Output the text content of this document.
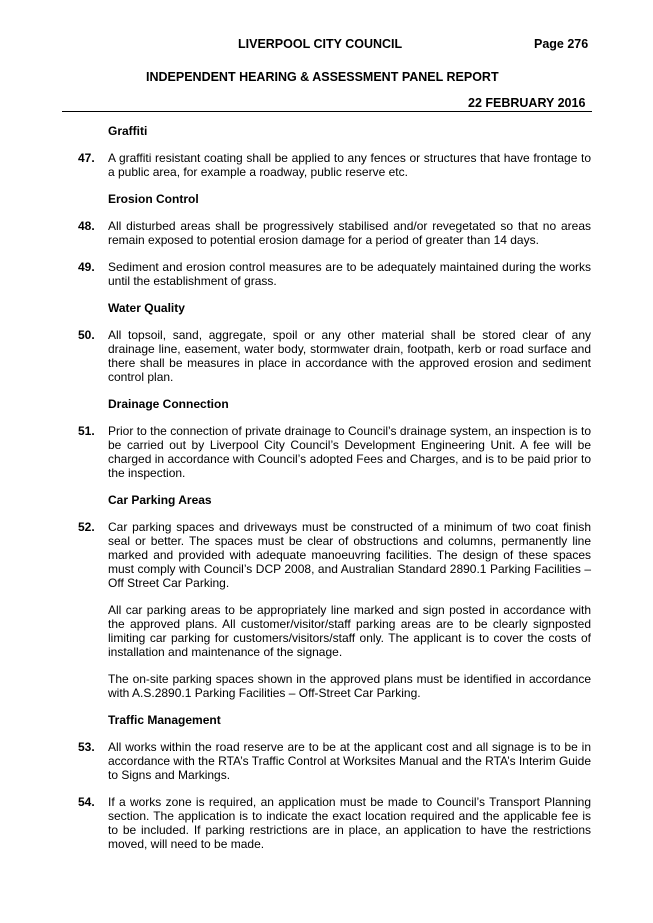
LIVERPOOL CITY COUNCIL	Page 276
INDEPENDENT HEARING & ASSESSMENT PANEL REPORT
22 FEBRUARY 2016
Graffiti
47. A graffiti resistant coating shall be applied to any fences or structures that have frontage to a public area, for example a roadway, public reserve etc.
Erosion Control
48. All disturbed areas shall be progressively stabilised and/or revegetated so that no areas remain exposed to potential erosion damage for a period of greater than 14 days.
49. Sediment and erosion control measures are to be adequately maintained during the works until the establishment of grass.
Water Quality
50. All topsoil, sand, aggregate, spoil or any other material shall be stored clear of any drainage line, easement, water body, stormwater drain, footpath, kerb or road surface and there shall be measures in place in accordance with the approved erosion and sediment control plan.
Drainage Connection
51. Prior to the connection of private drainage to Council’s drainage system, an inspection is to be carried out by Liverpool City Council’s Development Engineering Unit. A fee will be charged in accordance with Council’s adopted Fees and Charges, and is to be paid prior to the inspection.
Car Parking Areas
52. Car parking spaces and driveways must be constructed of a minimum of two coat finish seal or better. The spaces must be clear of obstructions and columns, permanently line marked and provided with adequate manoeuvring facilities. The design of these spaces must comply with Council’s DCP 2008, and Australian Standard 2890.1 Parking Facilities – Off Street Car Parking.
All car parking areas to be appropriately line marked and sign posted in accordance with the approved plans. All customer/visitor/staff parking areas are to be clearly signposted limiting car parking for customers/visitors/staff only. The applicant is to cover the costs of installation and maintenance of the signage.
The on-site parking spaces shown in the approved plans must be identified in accordance with A.S.2890.1 Parking Facilities – Off-Street Car Parking.
Traffic Management
53. All works within the road reserve are to be at the applicant cost and all signage is to be in accordance with the RTA’s Traffic Control at Worksites Manual and the RTA’s Interim Guide to Signs and Markings.
54. If a works zone is required, an application must be made to Council’s Transport Planning section. The application is to indicate the exact location required and the applicable fee is to be included. If parking restrictions are in place, an application to have the restrictions moved, will need to be made.
